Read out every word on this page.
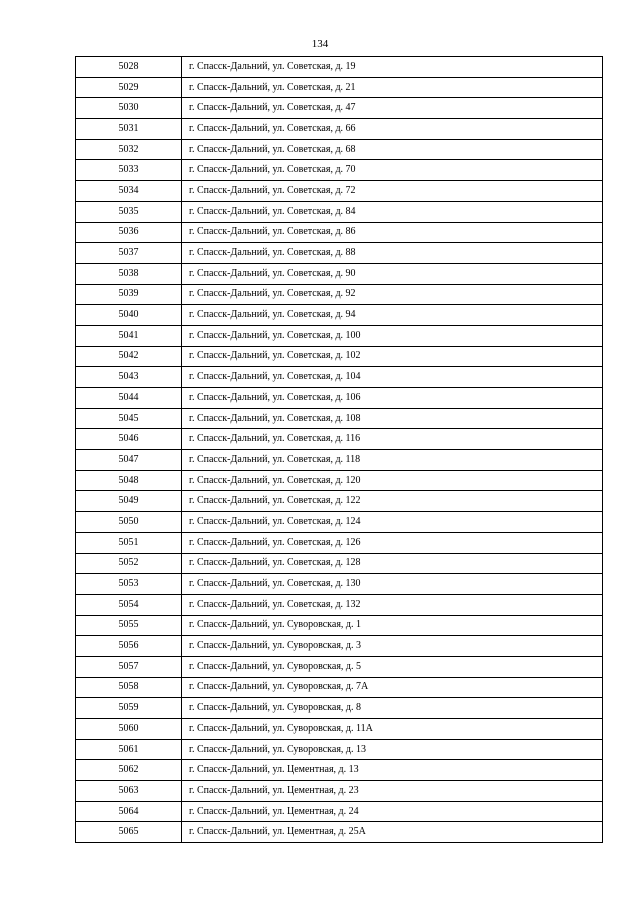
134
5028	г. Спасск-Дальний, ул. Советская, д. 19
5029	г. Спасск-Дальний, ул. Советская, д. 21
5030	г. Спасск-Дальний, ул. Советская, д. 47
5031	г. Спасск-Дальний, ул. Советская, д. 66
5032	г. Спасск-Дальний, ул. Советская, д. 68
5033	г. Спасск-Дальний, ул. Советская, д. 70
5034	г. Спасск-Дальний, ул. Советская, д. 72
5035	г. Спасск-Дальний, ул. Советская, д. 84
5036	г. Спасск-Дальний, ул. Советская, д. 86
5037	г. Спасск-Дальний, ул. Советская, д. 88
5038	г. Спасск-Дальний, ул. Советская, д. 90
5039	г. Спасск-Дальний, ул. Советская, д. 92
5040	г. Спасск-Дальний, ул. Советская, д. 94
5041	г. Спасск-Дальний, ул. Советская, д. 100
5042	г. Спасск-Дальний, ул. Советская, д. 102
5043	г. Спасск-Дальний, ул. Советская, д. 104
5044	г. Спасск-Дальний, ул. Советская, д. 106
5045	г. Спасск-Дальний, ул. Советская, д. 108
5046	г. Спасск-Дальний, ул. Советская, д. 116
5047	г. Спасск-Дальний, ул. Советская, д. 118
5048	г. Спасск-Дальний, ул. Советская, д. 120
5049	г. Спасск-Дальний, ул. Советская, д. 122
5050	г. Спасск-Дальний, ул. Советская, д. 124
5051	г. Спасск-Дальний, ул. Советская, д. 126
5052	г. Спасск-Дальний, ул. Советская, д. 128
5053	г. Спасск-Дальний, ул. Советская, д. 130
5054	г. Спасск-Дальний, ул. Советская, д. 132
5055	г. Спасск-Дальний, ул. Суворовская, д. 1
5056	г. Спасск-Дальний, ул. Суворовская, д. 3
5057	г. Спасск-Дальний, ул. Суворовская, д. 5
5058	г. Спасск-Дальний, ул. Суворовская, д. 7А
5059	г. Спасск-Дальний, ул. Суворовская, д. 8
5060	г. Спасск-Дальний, ул. Суворовская, д. 11А
5061	г. Спасск-Дальний, ул. Суворовская, д. 13
5062	г. Спасск-Дальний, ул. Цементная, д. 13
5063	г. Спасск-Дальний, ул. Цементная, д. 23
5064	г. Спасск-Дальний, ул. Цементная, д. 24
5065	г. Спасск-Дальний, ул. Цементная, д. 25А
